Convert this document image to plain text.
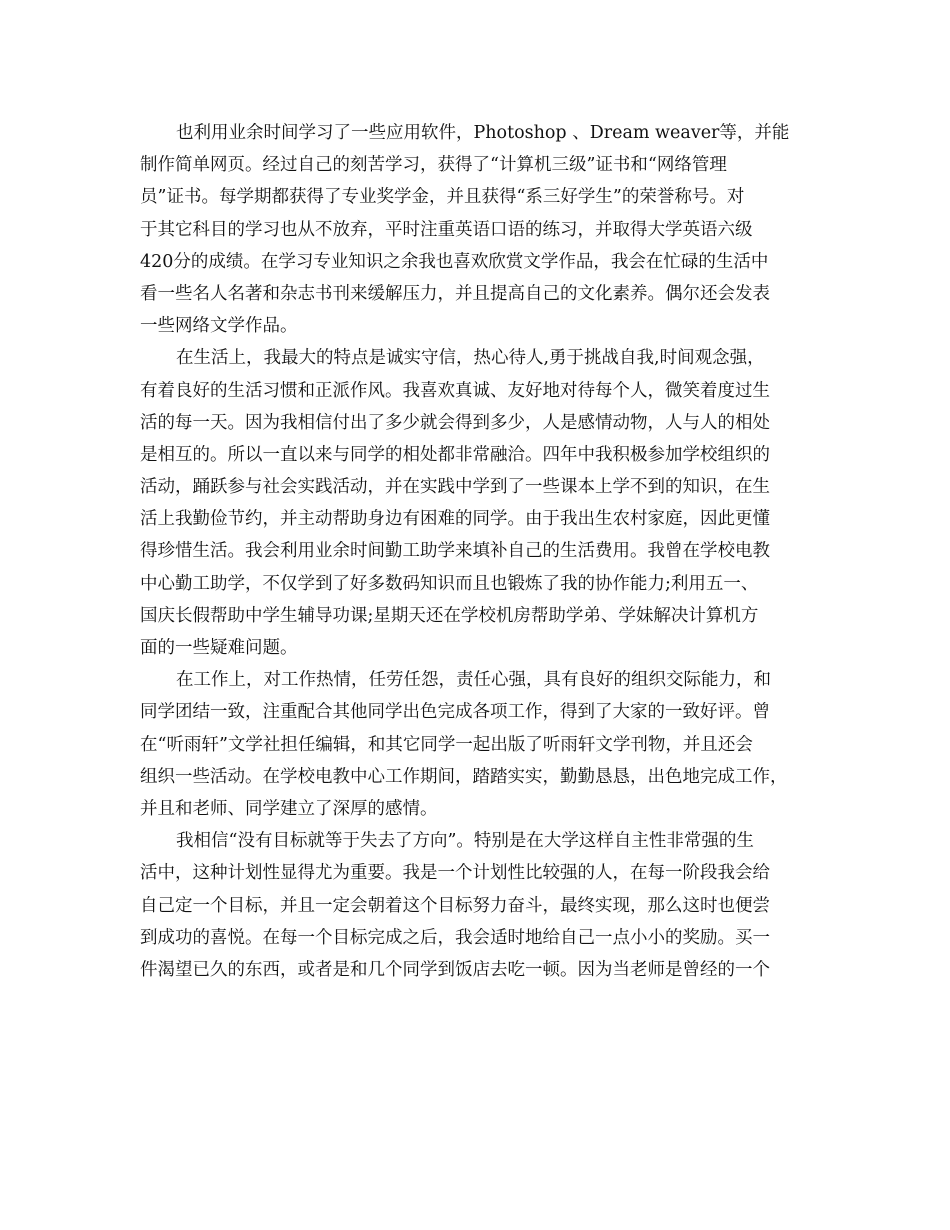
也利用业余时间学习了一些应用软件，Photoshop 、Dream weaver等，并能
制作简单网页。经过自己的刻苦学习，获得了“计算机三级”证书和“网络管理
员”证书。每学期都获得了专业奖学金，并且获得“系三好学生”的荣誉称号。对
于其它科目的学习也从不放弃，平时注重英语口语的练习，并取得大学英语六级
420分的成绩。在学习专业知识之余我也喜欢欣赏文学作品，我会在忙碌的生活中
看一些名人名著和杂志书刊来缓解压力，并且提高自己的文化素养。偶尔还会发表
一些网络文学作品。
在生活上，我最大的特点是诚实守信，热心待人,勇于挑战自我,时间观念强，
有着良好的生活习惯和正派作风。我喜欢真诚、友好地对待每个人，微笑着度过生
活的每一天。因为我相信付出了多少就会得到多少，人是感情动物，人与人的相处
是相互的。所以一直以来与同学的相处都非常融洽。四年中我积极参加学校组织的
活动，踊跃参与社会实践活动，并在实践中学到了一些课本上学不到的知识，在生
活上我勤俭节约，并主动帮助身边有困难的同学。由于我出生农村家庭，因此更懂
得珍惜生活。我会利用业余时间勤工助学来填补自己的生活费用。我曾在学校电教
中心勤工助学，不仅学到了好多数码知识而且也锻炼了我的协作能力;利用五一、
国庆长假帮助中学生辅导功课;星期天还在学校机房帮助学弟、学妹解决计算机方
面的一些疑难问题。
在工作上，对工作热情，任劳任怨，责任心强，具有良好的组织交际能力，和
同学团结一致，注重配合其他同学出色完成各项工作，得到了大家的一致好评。曾
在“听雨轩”文学社担任编辑，和其它同学一起出版了听雨轩文学刊物，并且还会
组织一些活动。在学校电教中心工作期间，踏踏实实，勤勤恳恳，出色地完成工作，
并且和老师、同学建立了深厚的感情。
我相信“没有目标就等于失去了方向”。特别是在大学这样自主性非常强的生
活中，这种计划性显得尤为重要。我是一个计划性比较强的人，在每一阶段我会给
自己定一个目标，并且一定会朝着这个目标努力奋斗，最终实现，那么这时也便尝
到成功的喜悦。在每一个目标完成之后，我会适时地给自己一点小小的奖励。买一
件渴望已久的东西，或者是和几个同学到饭店去吃一顿。因为当老师是曾经的一个
